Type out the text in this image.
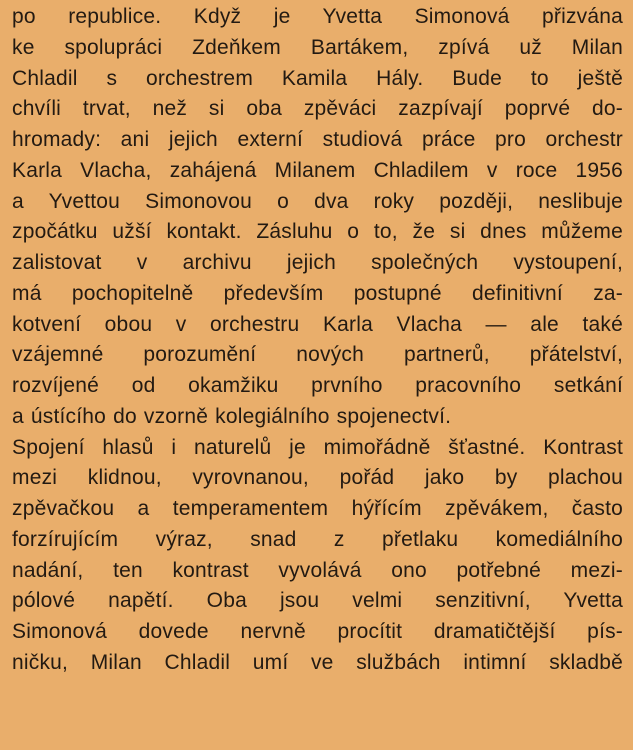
po republice. Když je Yvetta Simonová přizvána
ke spolupráci Zdeňkem Bartákem, zpívá už Milan
Chladil s orchestrem Kamila Hály. Bude to ještě
chvíli trvat, než si oba zpěváci zazpívají poprvé do-
hromady: ani jejich externí studiová práce pro orchestr
Karla Vlacha, zahájená Milanem Chladilem v roce 1956
a Yvettou Simonovou o dva roky později, neslibuje
zpočátku užší kontakt. Zásluhu o to, že si dnes můžeme
zalistovat v archivu jejich společných vystoupení,
má pochopitelně především postupné definitivní za-
kotvení obou v orchestru Karla Vlacha — ale také
vzájemné porozumění nových partnerů, přátelství,
rozvíjené od okamžiku prvního pracovního setkání
a ústícího do vzorně kolegiálního spojenectví.
Spojení hlasů i naturelů je mimořádně šťastné. Kontrast
mezi klidnou, vyrovnanou, pořád jako by plachou
zpěvačkou a temperamentem hýřícím zpěvákem, často
forzírujícím výraz, snad z přetlaku komediálního
nadání, ten kontrast vyvolává ono potřebné mezi-
pólové napětí. Oba jsou velmi senzitivní, Yvetta
Simonová dovede nervně procítit dramatičtější pís-
ničku, Milan Chladil umí ve službách intimní skladbě
